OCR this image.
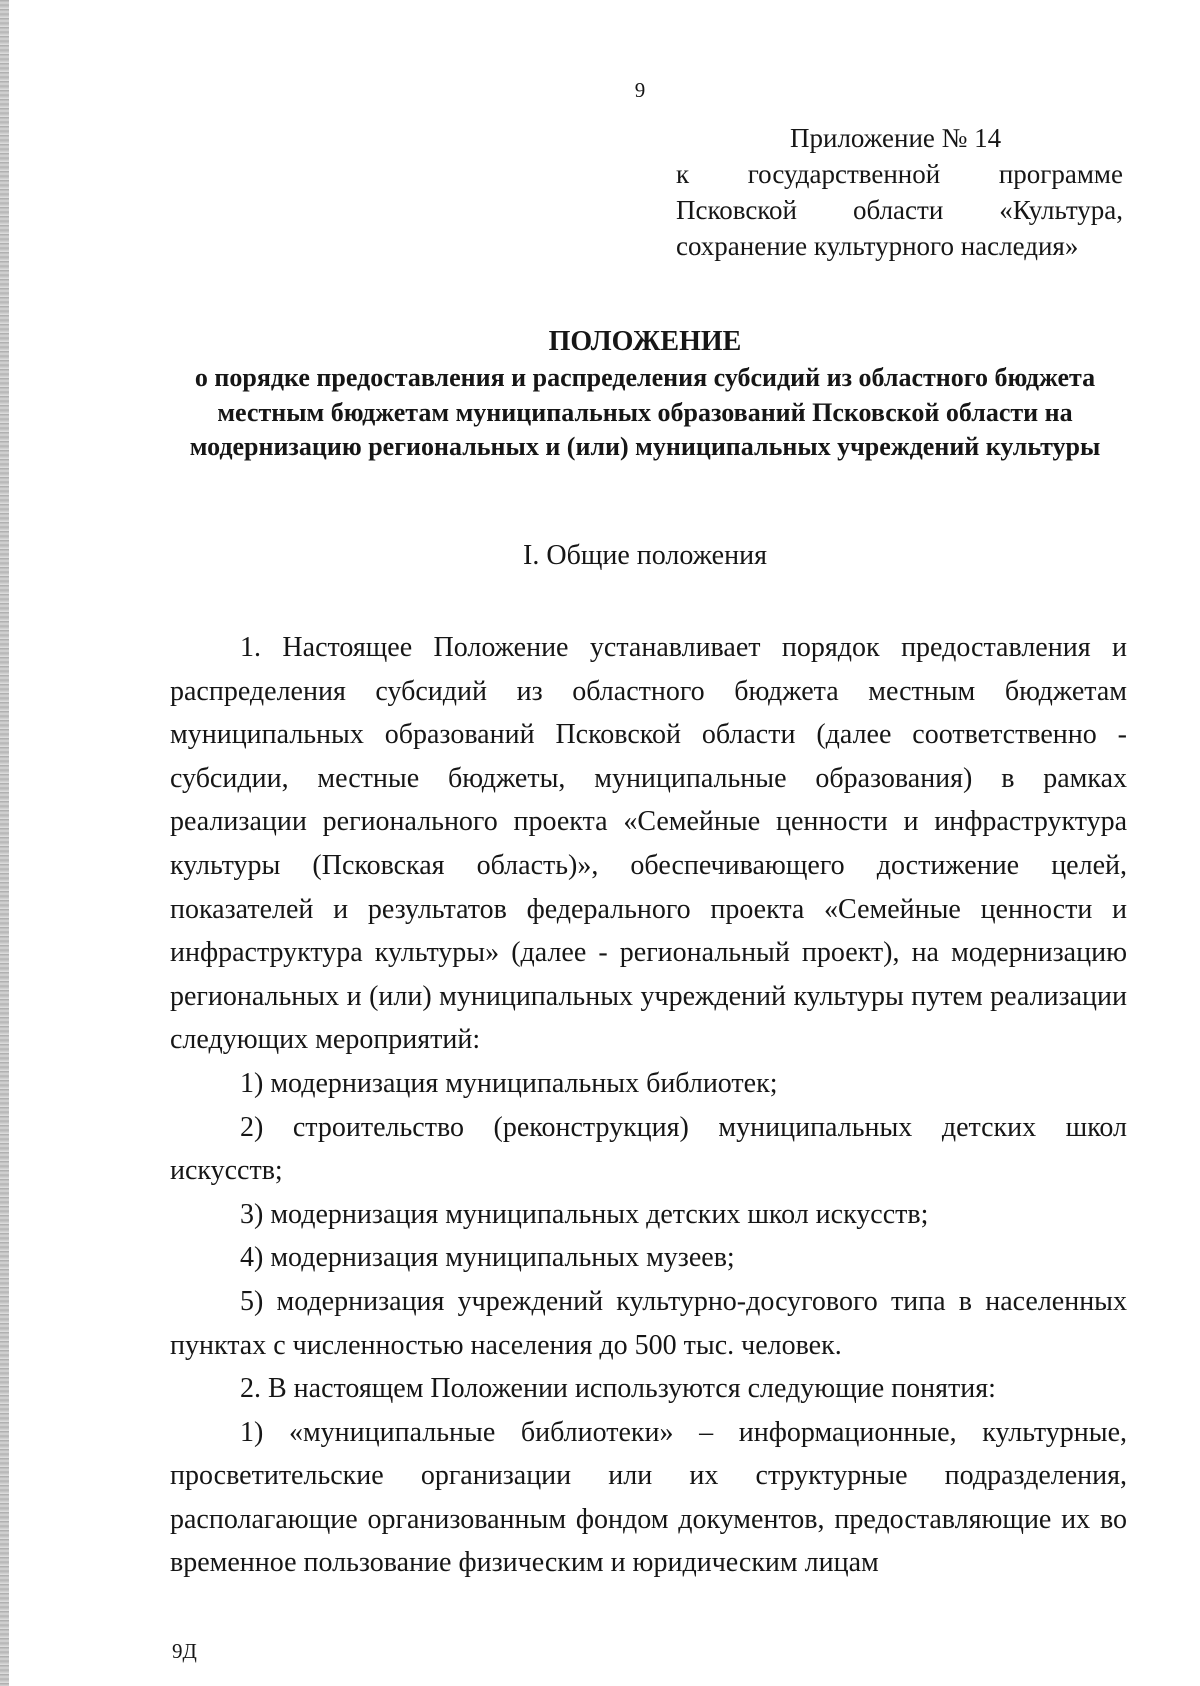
9
Приложение № 14
к государственной программе Псковской области «Культура, сохранение культурного наследия»
ПОЛОЖЕНИЕ
о порядке предоставления и распределения субсидий из областного бюджета местным бюджетам муниципальных образований Псковской области на модернизацию региональных и (или) муниципальных учреждений культуры
I. Общие положения

1. Настоящее Положение устанавливает порядок предоставления и распределения субсидий из областного бюджета местным бюджетам муниципальных образований Псковской области (далее соответственно - субсидии, местные бюджеты, муниципальные образования) в рамках реализации регионального проекта «Семейные ценности и инфраструктура культуры (Псковская область)», обеспечивающего достижение целей, показателей и результатов федерального проекта «Семейные ценности и инфраструктура культуры» (далее - региональный проект), на модернизацию региональных и (или) муниципальных учреждений культуры путем реализации следующих мероприятий:

1) модернизация муниципальных библиотек;

2) строительство (реконструкция) муниципальных детских школ искусств;

3) модернизация муниципальных детских школ искусств;

4) модернизация муниципальных музеев;

5) модернизация учреждений культурно-досугового типа в населенных пунктах с численностью населения до 500 тыс. человек.

2. В настоящем Положении используются следующие понятия:

1) «муниципальные библиотеки» – информационные, культурные, просветительские организации или их структурные подразделения, располагающие организованным фондом документов, предоставляющие их во временное пользование физическим и юридическим лицам

9Д
